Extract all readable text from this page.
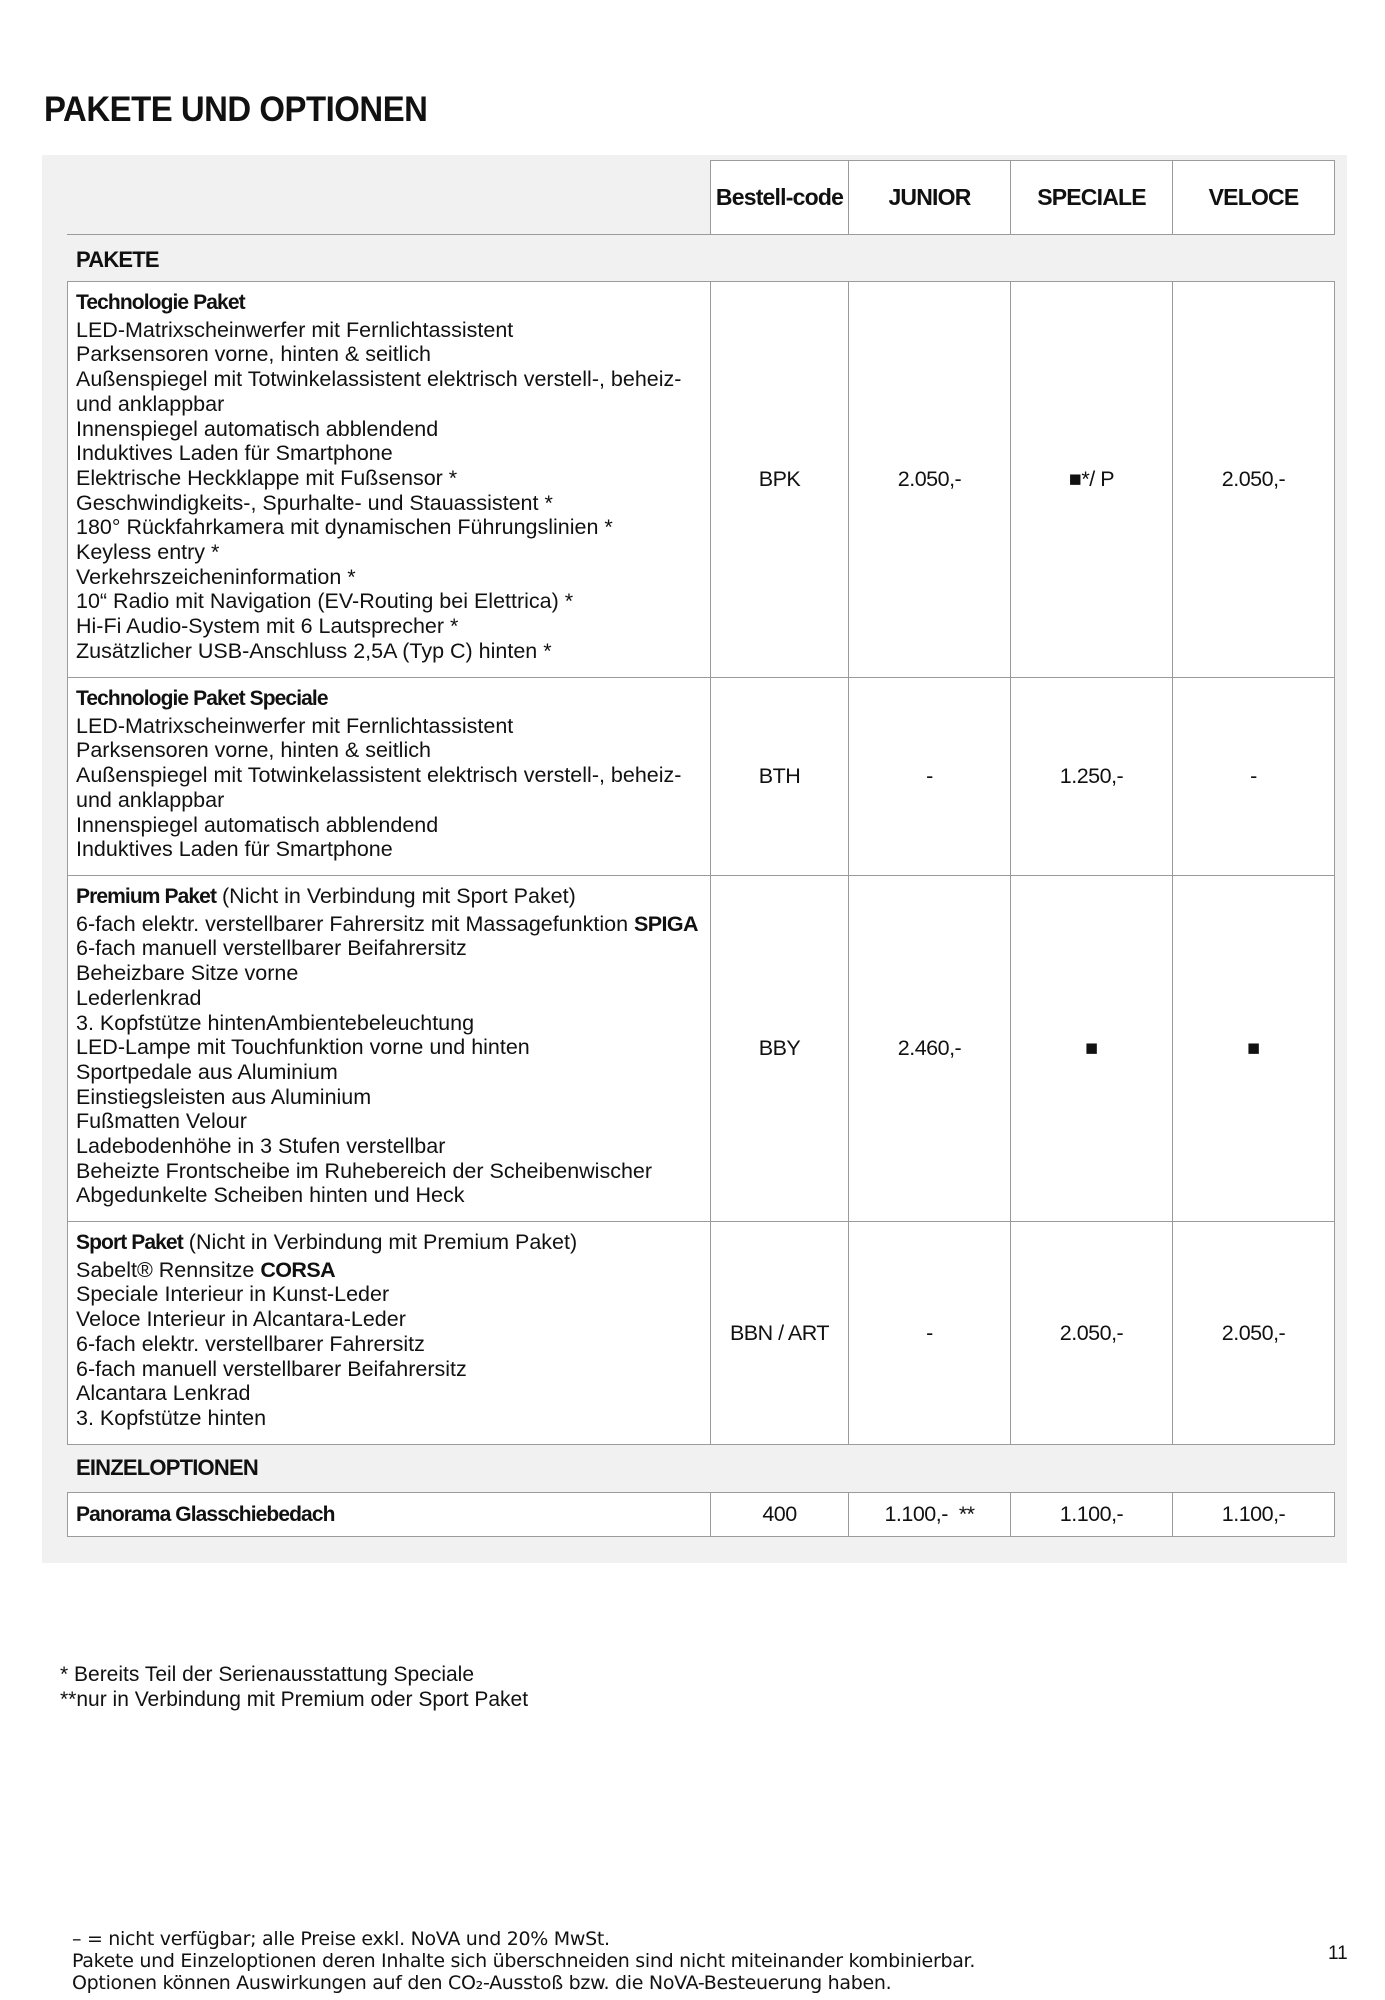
PAKETE UND OPTIONEN
Bestell-code	JUNIOR	SPECIALE	VELOCE
PAKETE
Technologie Paket
LED-Matrixscheinwerfer mit Fernlichtassistent
Parksensoren vorne, hinten & seitlich
Außenspiegel mit Totwinkelassistent elektrisch verstell-, beheiz- und anklappbar
Innenspiegel automatisch abblendend
Induktives Laden für Smartphone
Elektrische Heckklappe mit Fußsensor *
Geschwindigkeits-, Spurhalte- und Stauassistent *
180° Rückfahrkamera mit dynamischen Führungslinien *
Keyless entry *
Verkehrszeicheninformation *
10“ Radio mit Navigation (EV-Routing bei Elettrica) *
Hi-Fi Audio-System mit 6 Lautsprecher *
Zusätzlicher USB-Anschluss 2,5A (Typ C) hinten *
BPK	2.050,-	■*/ P	2.050,-
Technologie Paket Speciale
LED-Matrixscheinwerfer mit Fernlichtassistent
Parksensoren vorne, hinten & seitlich
Außenspiegel mit Totwinkelassistent elektrisch verstell-, beheiz- und anklappbar
Innenspiegel automatisch abblendend
Induktives Laden für Smartphone
BTH	-	1.250,-	-
Premium Paket (Nicht in Verbindung mit Sport Paket)
6-fach elektr. verstellbarer Fahrersitz mit Massagefunktion SPIGA
6-fach manuell verstellbarer Beifahrersitz
Beheizbare Sitze vorne
Lederlenkrad
3. Kopfstütze hintenAmbientebeleuchtung
LED-Lampe mit Touchfunktion vorne und hinten
Sportpedale aus Aluminium
Einstiegsleisten aus Aluminium
Fußmatten Velour
Ladebodenhöhe in 3 Stufen verstellbar
Beheizte Frontscheibe im Ruhebereich der Scheibenwischer
Abgedunkelte Scheiben hinten und Heck
BBY	2.460,-	■	■
Sport Paket (Nicht in Verbindung mit Premium Paket)
Sabelt® Rennsitze CORSA
Speciale Interieur in Kunst-Leder
Veloce Interieur in Alcantara-Leder
6-fach elektr. verstellbarer Fahrersitz
6-fach manuell verstellbarer Beifahrersitz
Alcantara Lenkrad
3. Kopfstütze hinten
BBN / ART	-	2.050,-	2.050,-
EINZELOPTIONEN
Panorama Glasschiebedach	400	1.100,-  **	1.100,-	1.100,-
* Bereits Teil der Serienausstattung Speciale
**nur in Verbindung mit Premium oder Sport Paket
– = nicht verfügbar; alle Preise exkl. NoVA und 20% MwSt.
Pakete und Einzeloptionen deren Inhalte sich überschneiden sind nicht miteinander kombinierbar.
Optionen können Auswirkungen auf den CO₂-Ausstoß bzw. die NoVA-Besteuerung haben.
11
